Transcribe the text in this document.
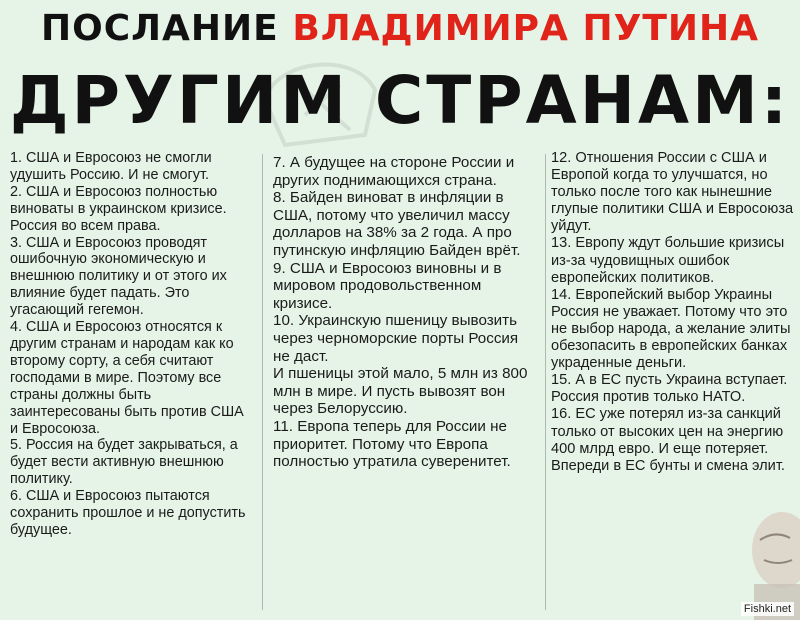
ПОСЛАНИЕ ВЛАДИМИРА ПУТИНА
ДРУГИМ СТРАНАМ:

1. США и Евросоюз не смогли удушить Россию. И не смогут.

2. США и Евросоюз полностью виноваты в украинском кризисе. Россия во всем права.

3. США и Евросоюз проводят ошибочную экономическую и внешнюю политику и от этого их влияние будет падать. Это угасающий гегемон.

4. США и Евросоюз относятся к другим странам и народам как ко второму сорту, а себя считают господами в мире. Поэтому все страны должны быть заинтересованы быть против США и Евросоюза.

5. Россия на будет закрываться, а будет вести активную внешнюю политику.

6. США и Евросоюз пытаются сохранить прошлое и не допустить будущее.

7. А будущее на стороне России и других поднимающихся страна.

8. Байден виноват в инфляции в США, потому что увеличил массу долларов на 38% за 2 года. А про путинскую инфляцию Байден врёт.

9. США и Евросоюз виновны и в мировом продовольственном кризисе.

10. Украинскую пшеницу вывозить через черноморские порты Россия не даст.

И пшеницы этой мало, 5 млн из 800 млн в мире. И пусть вывозят вон через Белоруссию.

11. Европа теперь для России не приоритет. Потому что Европа полностью утратила суверенитет.

12. Отношения России с США и Европой когда то улучшатся, но только после того как нынешние глупые политики США и Евросоюза уйдут.

13. Европу ждут большие кризисы из-за чудовищных ошибок европейских политиков.

14. Европейский выбор Украины Россия не уважает. Потому что это не выбор народа, а желание элиты обезопасить в европейских банках украденные деньги.

15. А в ЕС пусть Украина вступает. Россия против только НАТО.

16. ЕС уже потерял из-за санкций только от высоких цен на энергию 400 млрд евро. И еще потеряет. Впереди в ЕС бунты и смена элит.

Fishki.net
